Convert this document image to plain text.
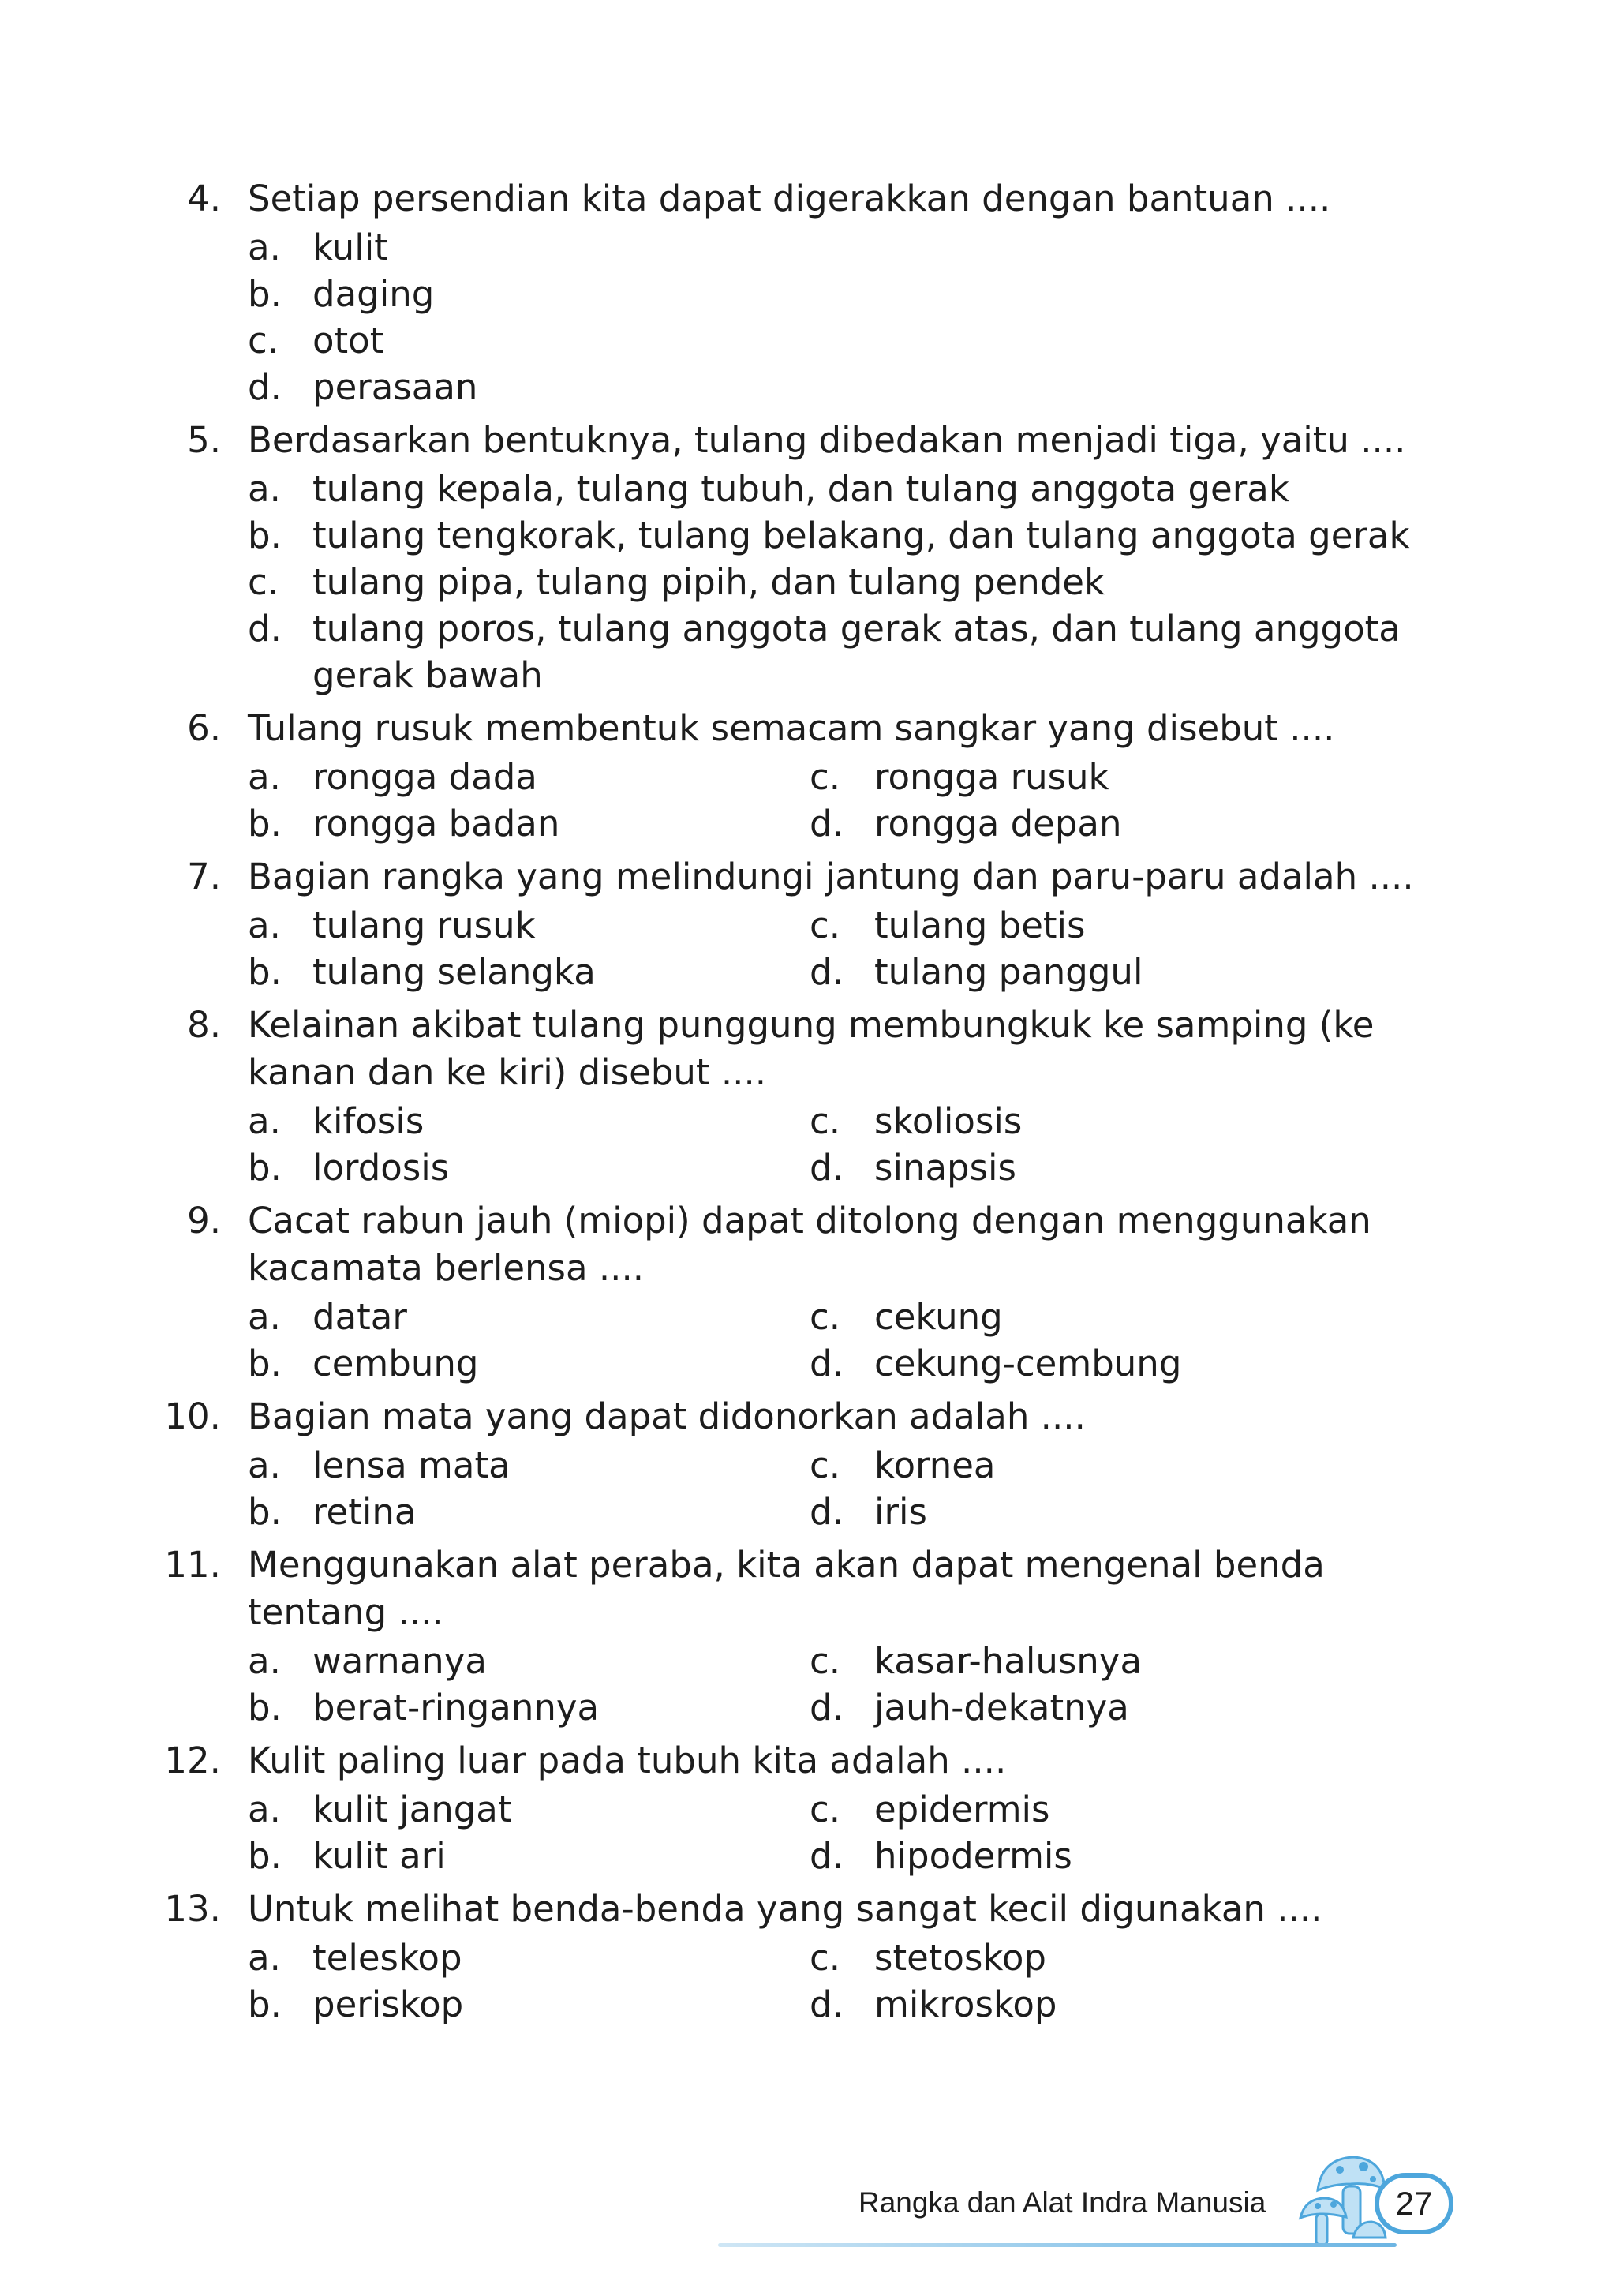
4. Setiap persendian kita dapat digerakkan dengan bantuan ....
a. kulit
b. daging
c. otot
d. perasaan
5. Berdasarkan bentuknya, tulang dibedakan menjadi tiga, yaitu ....
a. tulang kepala, tulang tubuh, dan tulang anggota gerak
b. tulang tengkorak, tulang belakang, dan tulang anggota gerak
c. tulang pipa, tulang pipih, dan tulang pendek
d. tulang poros, tulang anggota gerak atas, dan tulang anggota gerak bawah
6. Tulang rusuk membentuk semacam sangkar yang disebut ....
a. rongga dada	c. rongga rusuk
b. rongga badan	d. rongga depan
7. Bagian rangka yang melindungi jantung dan paru-paru adalah ....
a. tulang rusuk	c. tulang betis
b. tulang selangka	d. tulang panggul
8. Kelainan akibat tulang punggung membungkuk ke samping (ke kanan dan ke kiri) disebut ....
a. kifosis	c. skoliosis
b. lordosis	d. sinapsis
9. Cacat rabun jauh (miopi) dapat ditolong dengan menggunakan kacamata berlensa ....
a. datar	c. cekung
b. cembung	d. cekung-cembung
10. Bagian mata yang dapat didonorkan adalah ....
a. lensa mata	c. kornea
b. retina	d. iris
11. Menggunakan alat peraba, kita akan dapat mengenal benda tentang ....
a. warnanya	c. kasar-halusnya
b. berat-ringannya	d. jauh-dekatnya
12. Kulit paling luar pada tubuh kita adalah ....
a. kulit jangat	c. epidermis
b. kulit ari	d. hipodermis
13. Untuk melihat benda-benda yang sangat kecil digunakan ....
a. teleskop	c. stetoskop
b. periskop	d. mikroskop
27
Rangka dan Alat Indra Manusia
